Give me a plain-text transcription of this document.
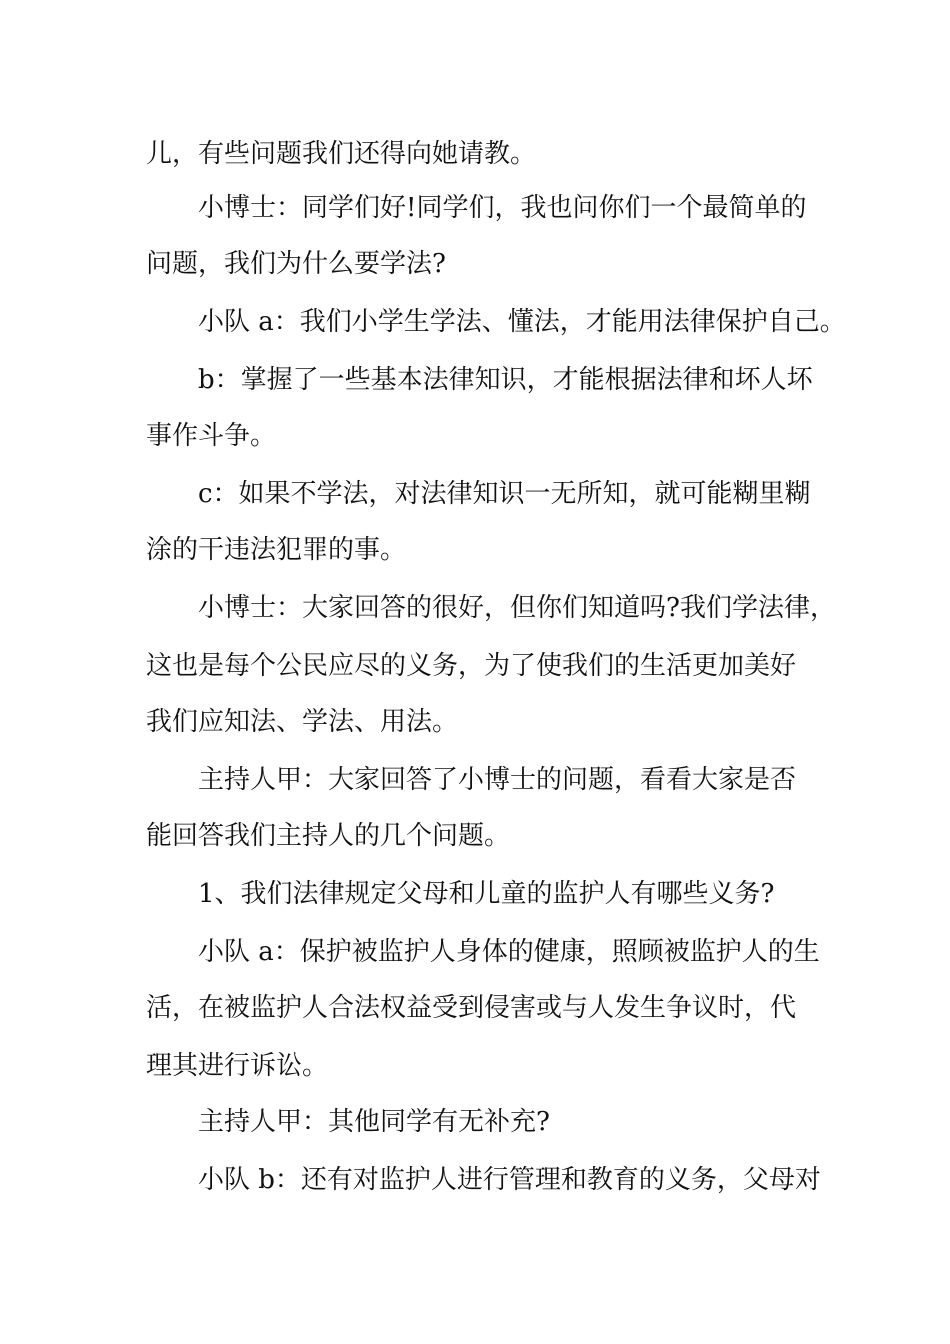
儿，有些问题我们还得向她请教。
小博士：同学们好!同学们，我也问你们一个最简单的
问题，我们为什么要学法?
小队 a：我们小学生学法、懂法，才能用法律保护自己。
b：掌握了一些基本法律知识，才能根据法律和坏人坏
事作斗争。
c：如果不学法，对法律知识一无所知，就可能糊里糊
涂的干违法犯罪的事。
小博士：大家回答的很好，但你们知道吗?我们学法律，
这也是每个公民应尽的义务，为了使我们的生活更加美好
我们应知法、学法、用法。
主持人甲：大家回答了小博士的问题，看看大家是否
能回答我们主持人的几个问题。
1、我们法律规定父母和儿童的监护人有哪些义务?
小队 a：保护被监护人身体的健康，照顾被监护人的生
活，在被监护人合法权益受到侵害或与人发生争议时，代
理其进行诉讼。
主持人甲：其他同学有无补充?
小队 b：还有对监护人进行管理和教育的义务，父母对
